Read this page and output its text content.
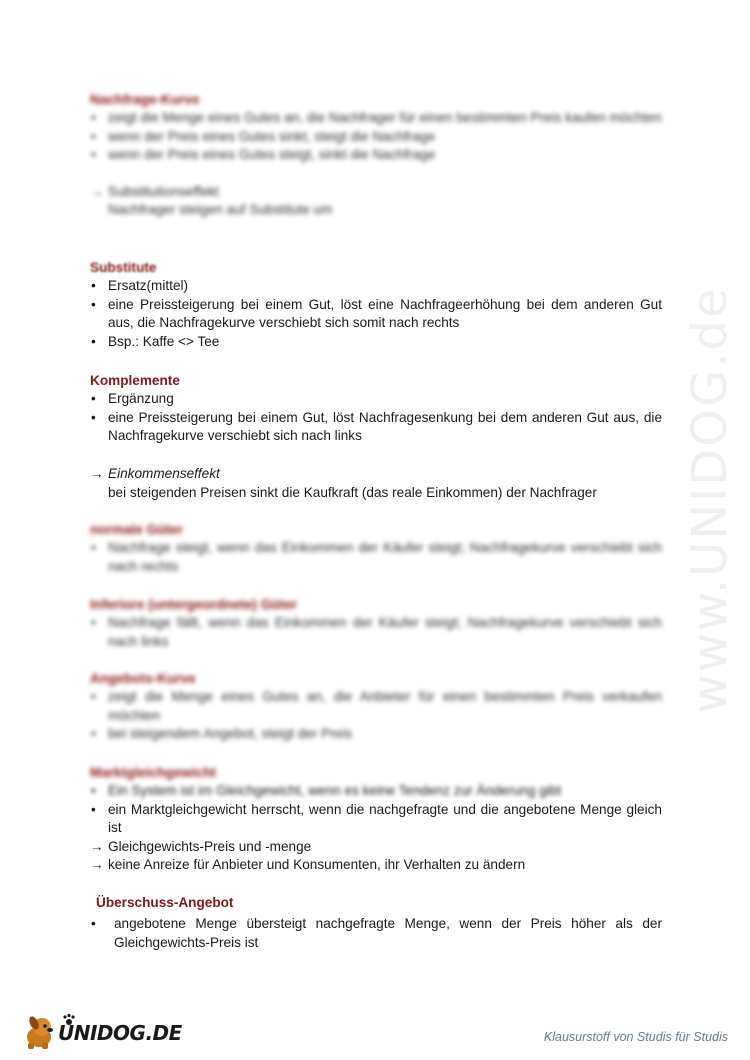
www.UNIDOG.de
Nachfrage-Kurve
• zeigt die Menge eines Gutes an, die Nachfrager für einen bestimmten Preis kaufen möchten
• wenn der Preis eines Gutes sinkt, steigt die Nachfrage
• wenn der Preis eines Gutes steigt, sinkt die Nachfrage
→ Substitutionseffekt
Nachfrager steigen auf Substitute um
Substitute
• Ersatz(mittel)
• eine Preissteigerung bei einem Gut, löst eine Nachfrageerhöhung bei dem anderen Gut aus, die Nachfragekurve verschiebt sich somit nach rechts
• Bsp.: Kaffe <> Tee
Komplemente
• Ergänzung
• eine Preissteigerung bei einem Gut, löst Nachfragesenkung bei dem anderen Gut aus, die Nachfragekurve verschiebt sich nach links
→ Einkommenseffekt
bei steigenden Preisen sinkt die Kaufkraft (das reale Einkommen) der Nachfrager
normale Güter
• Nachfrage steigt, wenn das Einkommen der Käufer steigt; Nachfragekurve verschiebt sich nach rechts
Inferiore (untergeordnete) Güter
• Nachfrage fällt, wenn das Einkommen der Käufer steigt; Nachfragekurve verschiebt sich nach links
Angebots-Kurve
• zeigt die Menge eines Gutes an, die Anbieter für einen bestimmten Preis verkaufen möchten
• bei steigendem Angebot, steigt der Preis
Marktgleichgewicht
• Ein System ist im Gleichgewicht, wenn es keine Tendenz zur Änderung gibt
• ein Marktgleichgewicht herrscht, wenn die nachgefragte und die angebotene Menge gleich ist
→ Gleichgewichts-Preis und -menge
→ keine Anreize für Anbieter und Konsumenten, ihr Verhalten zu ändern
Überschuss-Angebot
• angebotene Menge übersteigt nachgefragte Menge, wenn der Preis höher als der Gleichgewichts-Preis ist
UNIDOG.DE	Klausurstoff von Studis für Studis
